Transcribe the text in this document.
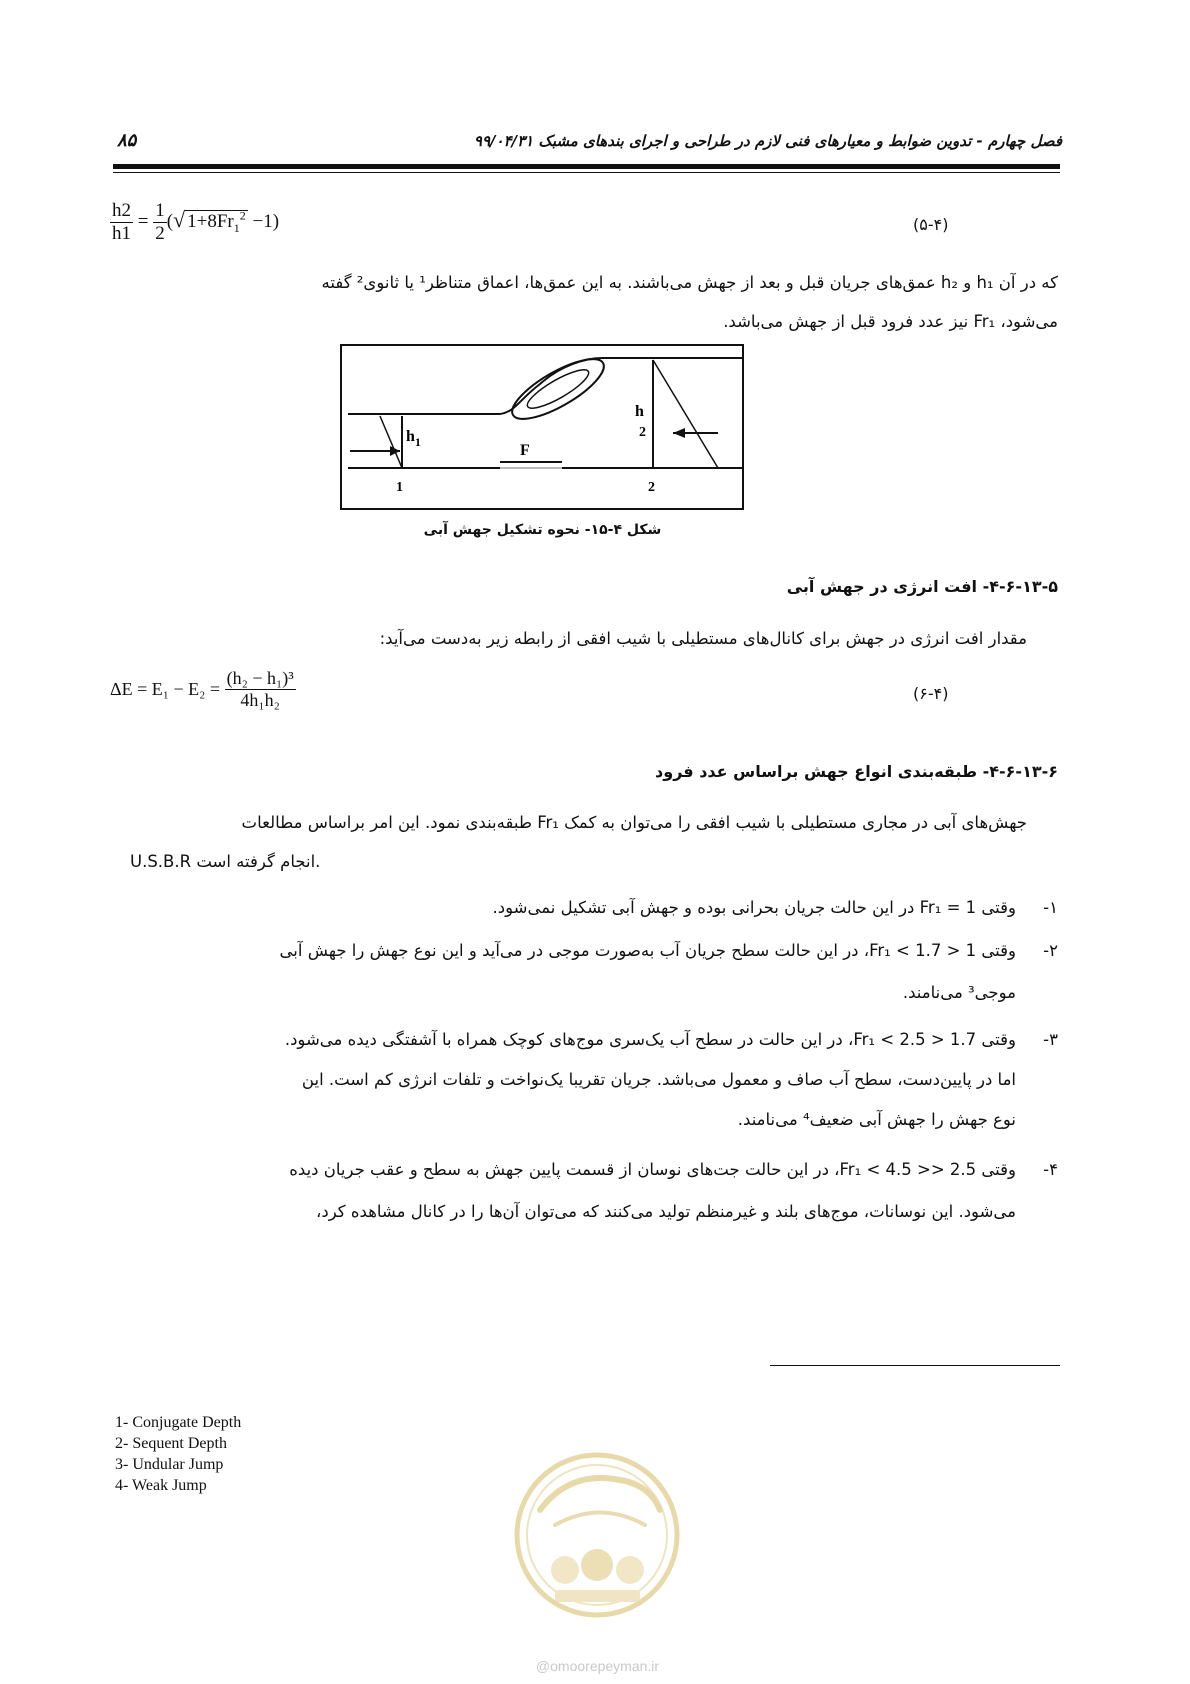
فصل چهارم - تدوین ضوابط و معیارهای فنی لازم در طراحی و اجرای بندهای مشبک ۹۹/۰۴/۳۱
۸۵
$\frac{h2}{h1} = \frac{1}{2}$ (√ $1+8Fr_1^2 -1$)	(۵-۴)
که در آن h₁ و h₂ عمق‌های جریان قبل و بعد از جهش می‌باشند. به این عمق‌ها، اعماق متناظر¹ یا ثانوی² گفته
می‌شود، Fr₁ نیز عدد فرود قبل از جهش می‌باشد.
$h_1$	F
h
2
1	2
شکل ۴-۱۵- نحوه تشکیل جهش آبی
۴-۶-۱۳-۵- افت انرژی در جهش آبی
مقدار افت انرژی در جهش برای کانال‌های مستطیلی با شیب افقی از رابطه زیر به‌دست می‌آید:
$\Delta E = E_1 - E_2 = \frac{\text{(h₂ − h₁)³}}{\text{4h₁h₂}}$	(۶-۴)
۴-۶-۱۳-۶- طبقه‌بندی انواع جهش براساس عدد فرود
جهش‌های آبی در مجاری مستطیلی با شیب افقی را می‌توان به کمک Fr₁ طبقه‌بندی نمود. این امر براساس مطالعات
U.S.B.R انجام گرفته است.
۱-
وقتی Fr₁ = 1 در این حالت جریان بحرانی بوده و جهش آبی تشکیل نمی‌شود.
۲-
وقتی 1 < Fr₁ < 1.7، در این حالت سطح جریان آب به‌صورت موجی در می‌آید و این نوع جهش را جهش آبی
موجی³ می‌نامند.
۳-
وقتی 1.7 < Fr₁ < 2.5، در این حالت در سطح آب یک‌سری موج‌های کوچک همراه با آشفتگی دیده می‌شود.
اما در پایین‌دست، سطح آب صاف و معمول می‌باشد. جریان تقریبا یک‌نواخت و تلفات انرژی کم است. این
نوع جهش را جهش آبی ضعیف⁴ می‌نامند.
۴-
وقتی 2.5 << Fr₁ < 4.5، در این حالت جت‌های نوسان از قسمت پایین جهش به سطح و عقب جریان دیده
می‌شود. این نوسانات، موج‌های بلند و غیرمنظم تولید می‌کنند که می‌توان آن‌ها را در کانال مشاهده کرد،
1- Conjugate Depth
2- Sequent Depth
3- Undular Jump
4- Weak Jump
@omoorepeyman.ir
